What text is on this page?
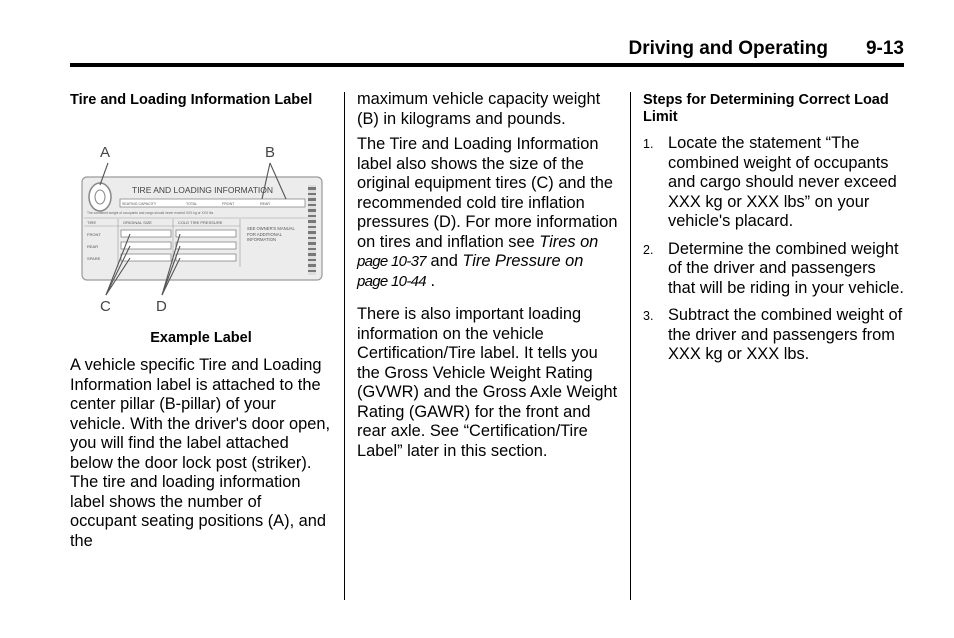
Driving and Operating 9-13
Tire and Loading Information Label
A	B
C	D
TIRE AND LOADING INFORMATION
SEATING CAPACITY	TOTAL	FRONT	REAR
The combined weight of occupants and cargo should never exceed XXX kg or XXX lbs
TIRE	ORIGINAL SIZE	COLD TIRE PRESSURE
FRONT
REAR
SPARE
SEE OWNER'S MANUAL FOR ADDITIONAL INFORMATION
Example Label

A vehicle specific Tire and Loading Information label is attached to the center pillar (B-pillar) of your vehicle. With the driver's door open, you will find the label attached below the door lock post (striker). The tire and loading information label shows the number of occupant seating positions (A), and the

maximum vehicle capacity weight (B) in kilograms and pounds.

The Tire and Loading Information label also shows the size of the original equipment tires (C) and the recommended cold tire inflation pressures (D). For more information on tires and inflation see Tires on
page 10-37 and Tire Pressure on
page 10-44 .

There is also important loading information on the vehicle Certification/Tire label. It tells you the Gross Vehicle Weight Rating (GVWR) and the Gross Axle Weight Rating (GAWR) for the front and rear axle. See “Certification/Tire Label” later in this section.

Steps for Determining Correct Load Limit
1. Locate the statement “The combined weight of occupants and cargo should never exceed XXX kg or XXX lbs” on your vehicle's placard.
2. Determine the combined weight of the driver and passengers that will be riding in your vehicle.
3. Subtract the combined weight of the driver and passengers from XXX kg or XXX lbs.
